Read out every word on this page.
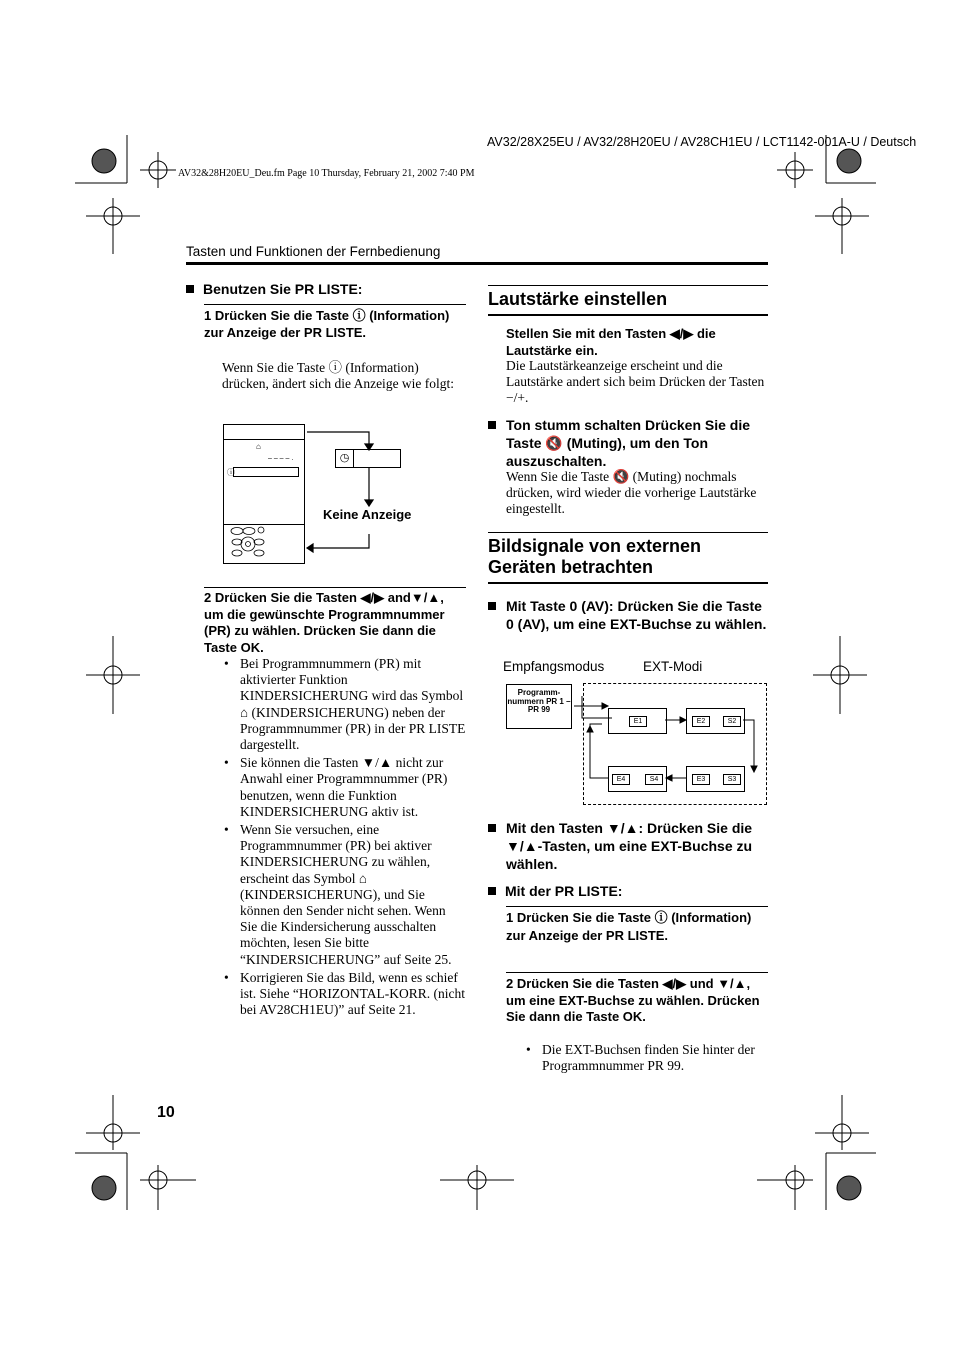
AV32/28X25EU / AV32/28H20EU / AV28CH1EU / LCT1142-001A-U / Deutsch
AV32&28H20EU_Deu.fm Page 10 Thursday, February 21, 2002 7:40 PM
Tasten und Funktionen der Fernbedienung
Benutzen Sie PR LISTE:
1 Drücken Sie die Taste ⓘ (Information) zur Anzeige der PR LISTE.
Wenn Sie die Taste ⓘ (Information) drücken, ändert sich die Anzeige wie folgt:
⌂
– – – – .
ⓘ
◷
Keine Anzeige
2 Drücken Sie die Tasten ◀/▶ and▼/▲, um die gewünschte Programmnummer (PR) zu wählen. Drücken Sie dann die Taste OK.
• Bei Programmnummern (PR) mit aktivierter Funktion KINDERSICHERUNG wird das Symbol ⌂ (KINDERSICHERUNG) neben der Programmnummer (PR) in der PR LISTE dargestellt.
• Sie können die Tasten ▼/▲ nicht zur Anwahl einer Programmnummer (PR) benutzen, wenn die Funktion KINDERSICHERUNG aktiv ist.
• Wenn Sie versuchen, eine Programmnummer (PR) bei aktiver KINDERSICHERUNG zu wählen, erscheint das Symbol ⌂ (KINDERSICHERUNG), und Sie können den Sender nicht sehen. Wenn Sie die Kindersicherung ausschalten möchten, lesen Sie bitte “KINDERSICHERUNG” auf Seite 25.
• Korrigieren Sie das Bild, wenn es schief ist. Siehe “HORIZONTAL-KORR. (nicht bei AV28CH1EU)” auf Seite 21.
Lautstärke einstellen
Stellen Sie mit den Tasten ◀/▶ die Lautstärke ein.
Die Lautstärkeanzeige erscheint und die Lautstärke andert sich beim Drücken der Tasten −/+.
Ton stumm schalten Drücken Sie die Taste 🔇 (Muting), um den Ton auszuschalten.
Wenn Sie die Taste 🔇 (Muting) nochmals drücken, wird wieder die vorherige Lautstärke eingestellt.
Bildsignale von externen Geräten betrachten
Mit Taste 0 (AV): Drücken Sie die Taste 0 (AV), um eine EXT-Buchse zu wählen.
Empfangsmodus	EXT-Modi
Programm-nummern PR 1 – PR 99
E1	E2	S2
E4	S4	E3	S3
Mit den Tasten ▼/▲: Drücken Sie die ▼/▲-Tasten, um eine EXT-Buchse zu wählen.
Mit der PR LISTE:
1 Drücken Sie die Taste ⓘ (Information) zur Anzeige der PR LISTE.
2 Drücken Sie die Tasten ◀/▶ und ▼/▲, um eine EXT-Buchse zu wählen. Drücken Sie dann die Taste OK.
• Die EXT-Buchsen finden Sie hinter der Programmnummer PR 99.
10
